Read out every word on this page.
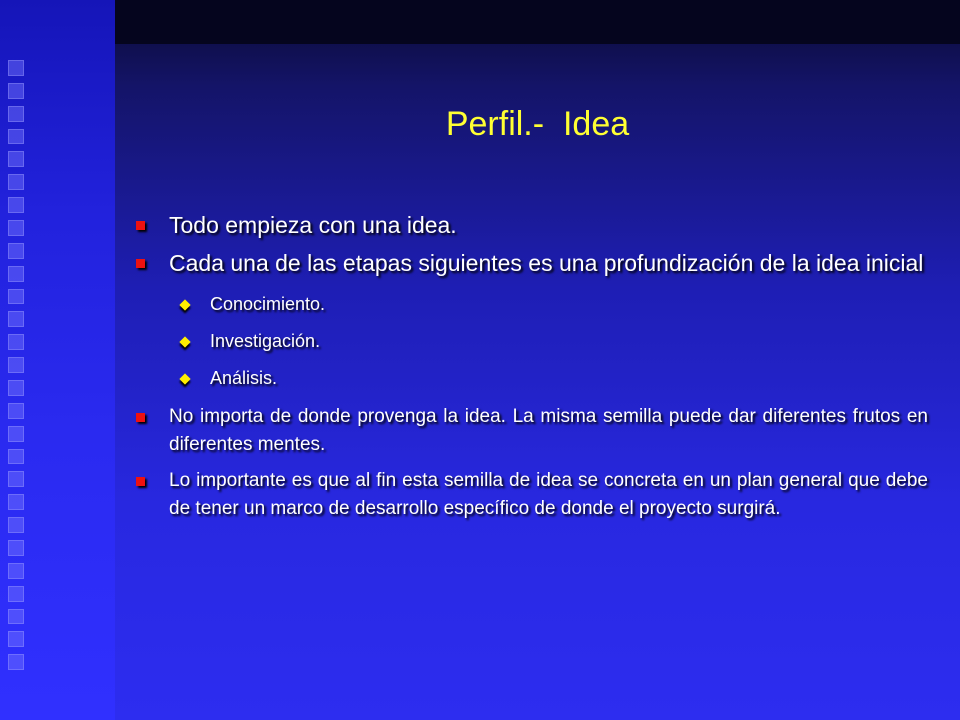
Perfil.-  Idea
Todo empieza con una idea.
Cada una de las etapas siguientes es una profundización de la idea inicial
Conocimiento.
Investigación.
Análisis.
No importa de donde provenga la idea. La misma semilla puede dar diferentes frutos en diferentes mentes.
Lo importante es que al fin esta semilla de idea se concreta en un plan general que debe de tener un marco de desarrollo específico de donde el proyecto surgirá.
